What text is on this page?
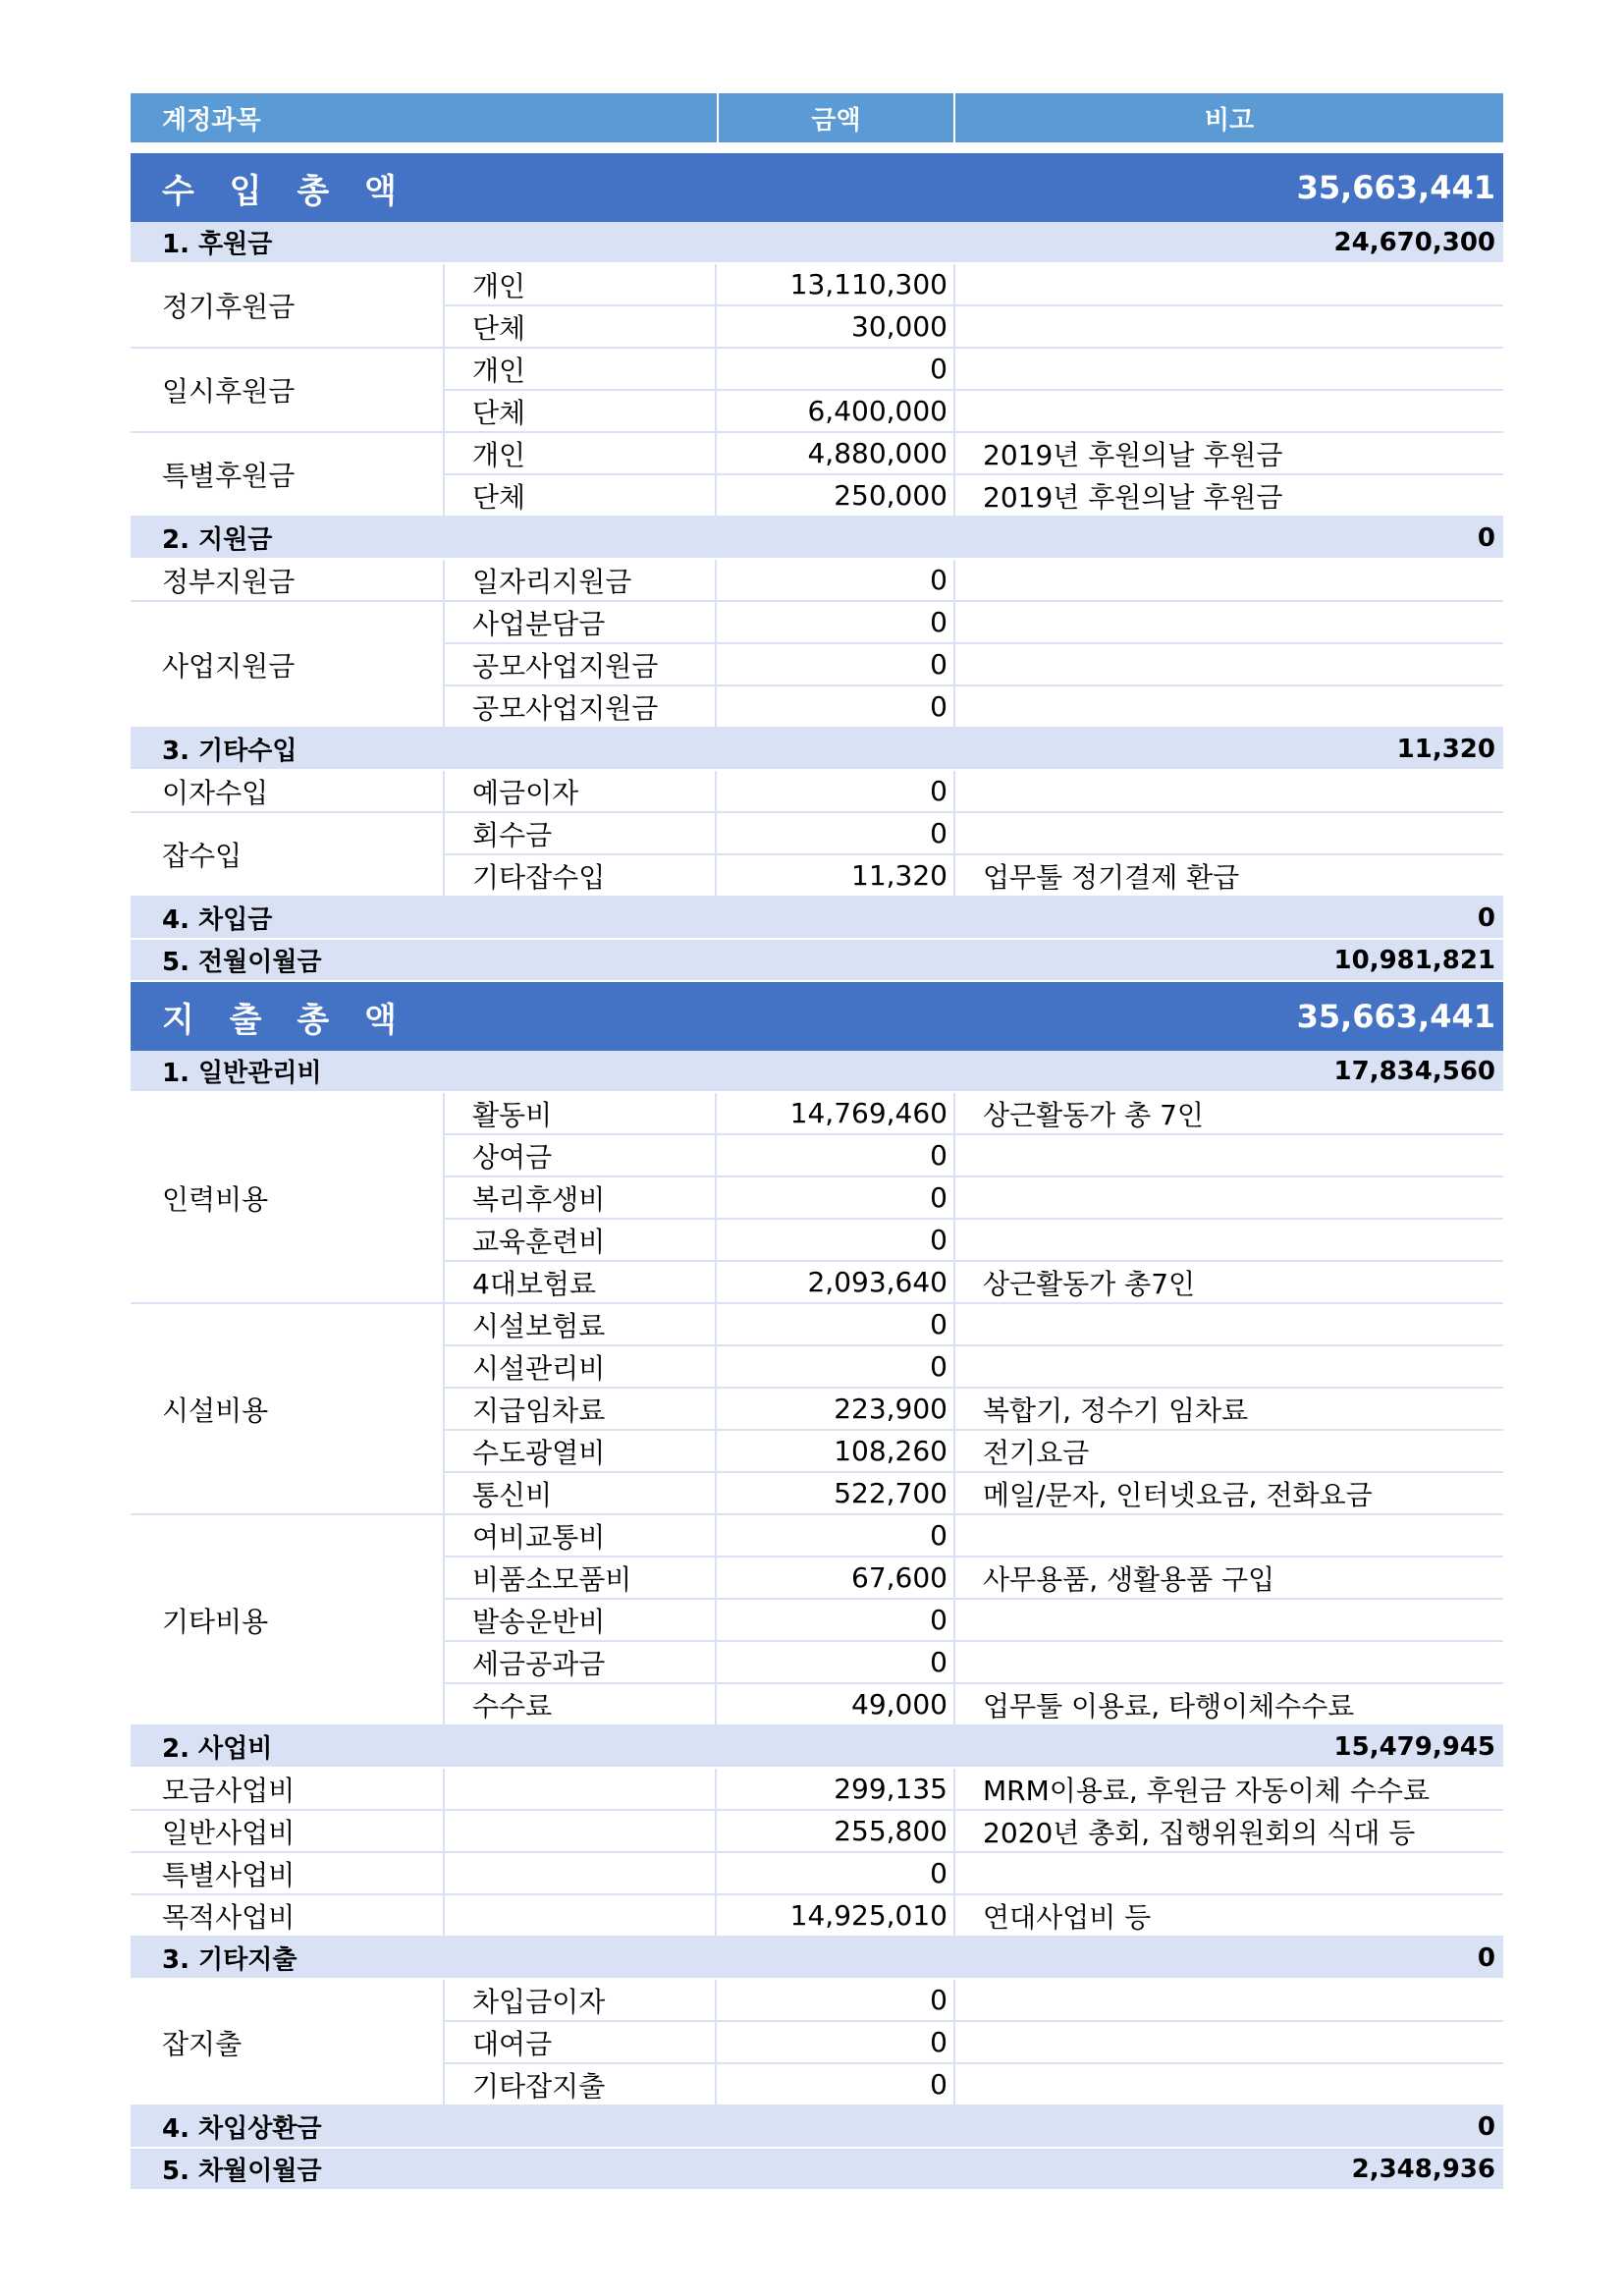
계정과목	금액	비고
수 입 총 액	35,663,441
1. 후원금	24,670,300
정기후원금
개인	13,110,300
단체	30,000
일시후원금
개인	0
단체	6,400,000
특별후원금
개인	4,880,000	2019년 후원의날 후원금
단체	250,000	2019년 후원의날 후원금
2. 지원금	0
정부지원금	일자리지원금	0
사업지원금
사업분담금	0
공모사업지원금	0
공모사업지원금	0
3. 기타수입	11,320
이자수입	예금이자	0
잡수입
회수금	0
기타잡수입	11,320	업무툴 정기결제 환급
4. 차입금	0
5. 전월이월금	10,981,821
지 출 총 액	35,663,441
1. 일반관리비	17,834,560
인력비용
활동비	14,769,460	상근활동가 총 7인
상여금	0
복리후생비	0
교육훈련비	0
4대보험료	2,093,640	상근활동가 총7인
시설비용
시설보험료	0
시설관리비	0
지급임차료	223,900	복합기, 정수기 임차료
수도광열비	108,260	전기요금
통신비	522,700	메일/문자, 인터넷요금, 전화요금
기타비용
여비교통비	0
비품소모품비	67,600	사무용품, 생활용품 구입
발송운반비	0
세금공과금	0
수수료	49,000	업무툴 이용료, 타행이체수수료
2. 사업비	15,479,945
모금사업비	299,135	MRM이용료, 후원금 자동이체 수수료
일반사업비	255,800	2020년 총회, 집행위원회의 식대 등
특별사업비	0
목적사업비	14,925,010	연대사업비 등
3. 기타지출	0
잡지출
차입금이자	0
대여금	0
기타잡지출	0
4. 차입상환금	0
5. 차월이월금	2,348,936
